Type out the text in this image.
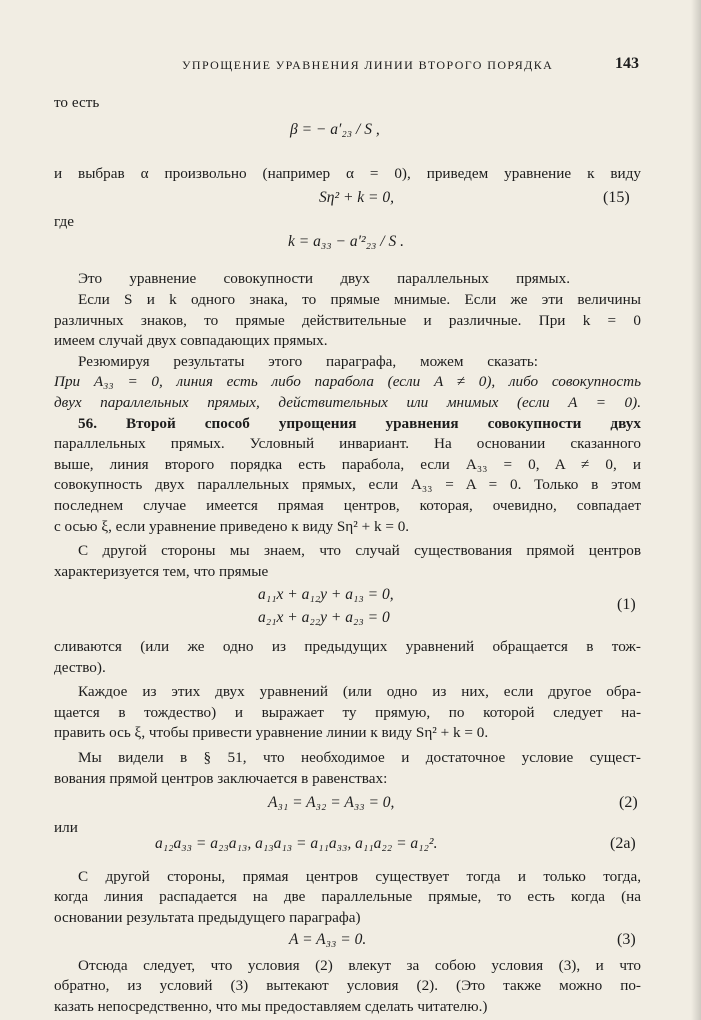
УПРОЩЕНИЕ УРАВНЕНИЯ ЛИНИИ ВТОРОГО ПОРЯДКА	143
то есть
β = − a′₂₃ / S ,
и выбрав α произвольно (например α = 0), приведем уравнение к виду
Sη² + k = 0,	(15)
где
k = a₃₃ − a′²₂₃ / S .
Это уравнение совокупности двух параллельных прямых.
Если S и k одного знака, то прямые мнимые. Если же эти величины
различных знаков, то прямые действительные и различные. При k = 0
имеем случай двух совпадающих прямых.
Резюмируя результаты этого параграфа, можем сказать:
При A₃₃ = 0, линия есть либо парабола (если A ≠ 0), либо совокупность
двух параллельных прямых, действительных или мнимых (если A = 0).
56. Второй способ упрощения уравнения совокупности двух
параллельных прямых. Условный инвариант. На основании сказанного
выше, линия второго порядка есть парабола, если A₃₃ = 0, A ≠ 0, и
совокупность двух параллельных прямых, если A₃₃ = A = 0. Только в этом
последнем случае имеется прямая центров, которая, очевидно, совпадает
с осью ξ, если уравнение приведено к виду Sη² + k = 0.
С другой стороны мы знаем, что случай существования прямой центров
характеризуется тем, что прямые
a₁₁x + a₁₂y + a₁₃ = 0,
a₂₁x + a₂₂y + a₂₃ = 0
(1)
сливаются (или же одно из предыдущих уравнений обращается в тож-
дество).
Каждое из этих двух уравнений (или одно из них, если другое обра-
щается в тождество) и выражает ту прямую, по которой следует на-
править ось ξ, чтобы привести уравнение линии к виду Sη² + k = 0.
Мы видели в § 51, что необходимое и достаточное условие сущест-
вования прямой центров заключается в равенствах:
A₃₁ = A₃₂ = A₃₃ = 0,	(2)
или
a₁₂a₃₃ = a₂₃a₁₃, a₁₃a₁₃ = a₁₁a₃₃, a₁₁a₂₂ = a₁₂².	(2a)
С другой стороны, прямая центров существует тогда и только тогда,
когда линия распадается на две параллельные прямые, то есть когда (на
основании результата предыдущего параграфа)
A = A₃₃ = 0.	(3)
Отсюда следует, что условия (2) влекут за собою условия (3), и что
обратно, из условий (3) вытекают условия (2). (Это также можно по-
казать непосредственно, что мы предоставляем сделать читателю.)
